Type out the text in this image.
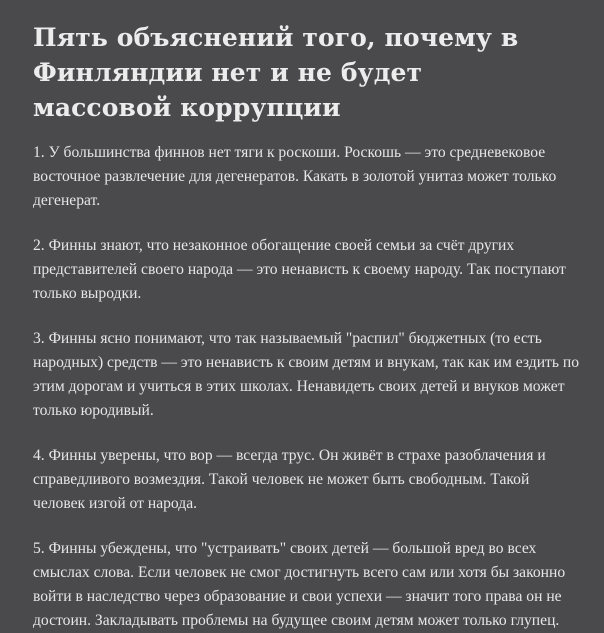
Пять объяснений того, почему в Финляндии нет и не будет массовой коррупции

1. У большинства финнов нет тяги к роскоши. Роскошь — это средневековое восточное развлечение для дегенератов. Какать в золотой унитаз может только дегенерат.

2. Финны знают, что незаконное обогащение своей семьи за счёт других представителей своего народа — это ненависть к своему народу. Так поступают только выродки.

3. Финны ясно понимают, что так называемый "распил" бюджетных (то есть народных) средств — это ненависть к своим детям и внукам, так как им ездить по этим дорогам и учиться в этих школах. Ненавидеть своих детей и внуков может только юродивый.

4. Финны уверены, что вор — всегда трус. Он живёт в страхе разоблачения и справедливого возмездия. Такой человек не может быть свободным. Такой человек изгой от народа.

5. Финны убеждены, что "устраивать" своих детей — большой вред во всех смыслах слова. Если человек не смог достигнуть всего сам или хотя бы законно войти в наследство через образование и свои успехи — значит того права он не достоин. Закладывать проблемы на будущее своим детям может только глупец.
